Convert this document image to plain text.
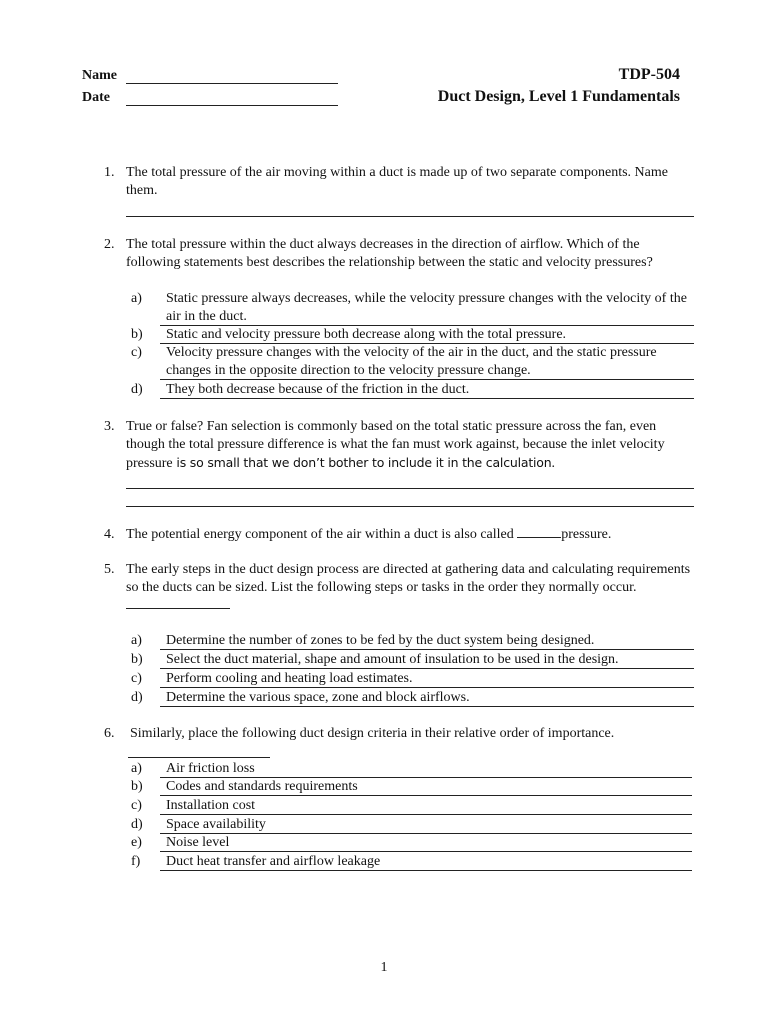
Name
Date
TDP-504
Duct Design, Level 1 Fundamentals
1. The total pressure of the air moving within a duct is made up of two separate components. Name them.
2. The total pressure within the duct always decreases in the direction of airflow. Which of the following statements best describes the relationship between the static and velocity pressures?
a) Static pressure always decreases, while the velocity pressure changes with the velocity of the air in the duct.
b) Static and velocity pressure both decrease along with the total pressure.
c) Velocity pressure changes with the velocity of the air in the duct, and the static pressure changes in the opposite direction to the velocity pressure change.
d) They both decrease because of the friction in the duct.
3. True or false? Fan selection is commonly based on the total static pressure across the fan, even though the total pressure difference is what the fan must work against, because the inlet velocity pressure is so small that we don’t bother to include it in the calculation.
4. The potential energy component of the air within a duct is also called	pressure.
5. The early steps in the duct design process are directed at gathering data and calculating requirements so the ducts can be sized. List the following steps or tasks in the order they normally occur.
a) Determine the number of zones to be fed by the duct system being designed.
b) Select the duct material, shape and amount of insulation to be used in the design.
c) Perform cooling and heating load estimates.
d) Determine the various space, zone and block airflows.
6. Similarly, place the following duct design criteria in their relative order of importance.
a) Air friction loss
b) Codes and standards requirements
c) Installation cost
d) Space availability
e) Noise level
f) Duct heat transfer and airflow leakage
1
